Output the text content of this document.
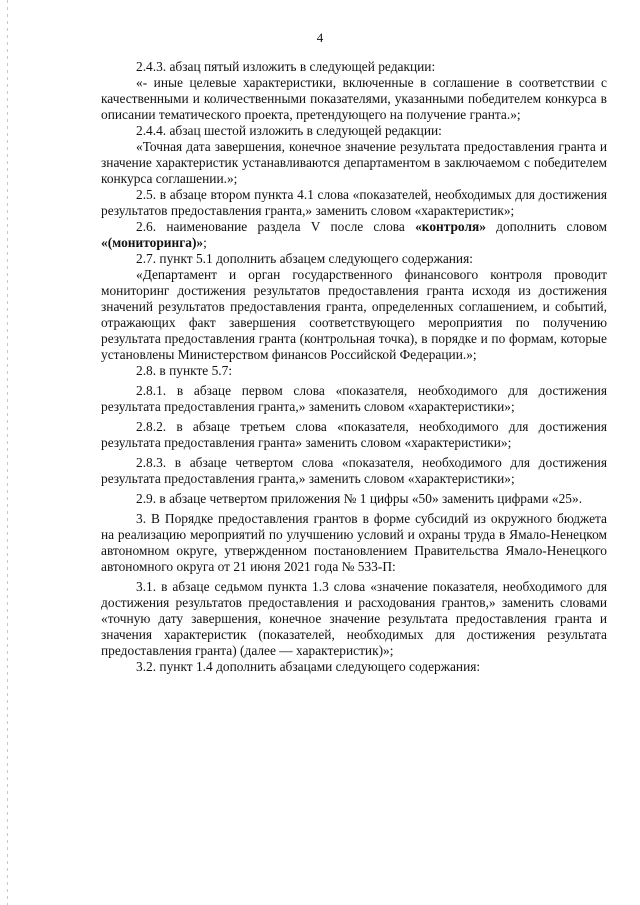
4

2.4.3. абзац пятый изложить в следующей редакции:

«- иные целевые характеристики, включенные в соглашение в соответствии с качественными и количественными показателями, указанными победителем конкурса в описании тематического проекта, претендующего на получение гранта.»;

2.4.4. абзац шестой изложить в следующей редакции:

«Точная дата завершения, конечное значение результата предоставления гранта и значение характеристик устанавливаются департаментом в заключаемом с победителем конкурса соглашении.»;

2.5. в абзаце втором пункта 4.1 слова «показателей, необходимых для достижения результатов предоставления гранта,» заменить словом «характеристик»;

2.6. наименование раздела V после слова «контроля» дополнить словом «(мониторинга)»;

2.7. пункт 5.1 дополнить абзацем следующего содержания:

«Департамент и орган государственного финансового контроля проводит мониторинг достижения результатов предоставления гранта исходя из достижения значений результатов предоставления гранта, определенных соглашением, и событий, отражающих факт завершения соответствующего мероприятия по получению результата предоставления гранта (контрольная точка), в порядке и по формам, которые установлены Министерством финансов Российской Федерации.»;

2.8. в пункте 5.7:

2.8.1. в абзаце первом слова «показателя, необходимого для достижения результата предоставления гранта,» заменить словом «характеристики»;

2.8.2. в абзаце третьем слова «показателя, необходимого для достижения результата предоставления гранта» заменить словом «характеристики»;

2.8.3. в абзаце четвертом слова «показателя, необходимого для достижения результата предоставления гранта,» заменить словом «характеристики»;

2.9. в абзаце четвертом приложения № 1 цифры «50» заменить цифрами «25».

3. В Порядке предоставления грантов в форме субсидий из окружного бюджета на реализацию мероприятий по улучшению условий и охраны труда в Ямало-Ненецком автономном округе, утвержденном постановлением Правительства Ямало-Ненецкого автономного округа от 21 июня 2021 года № 533-П:

3.1. в абзаце седьмом пункта 1.3 слова «значение показателя, необходимого для достижения результатов предоставления и расходования грантов,» заменить словами «точную дату завершения, конечное значение результата предоставления гранта и значения характеристик (показателей, необходимых для достижения результата предоставления гранта) (далее — характеристик)»;

3.2. пункт 1.4 дополнить абзацами следующего содержания:
